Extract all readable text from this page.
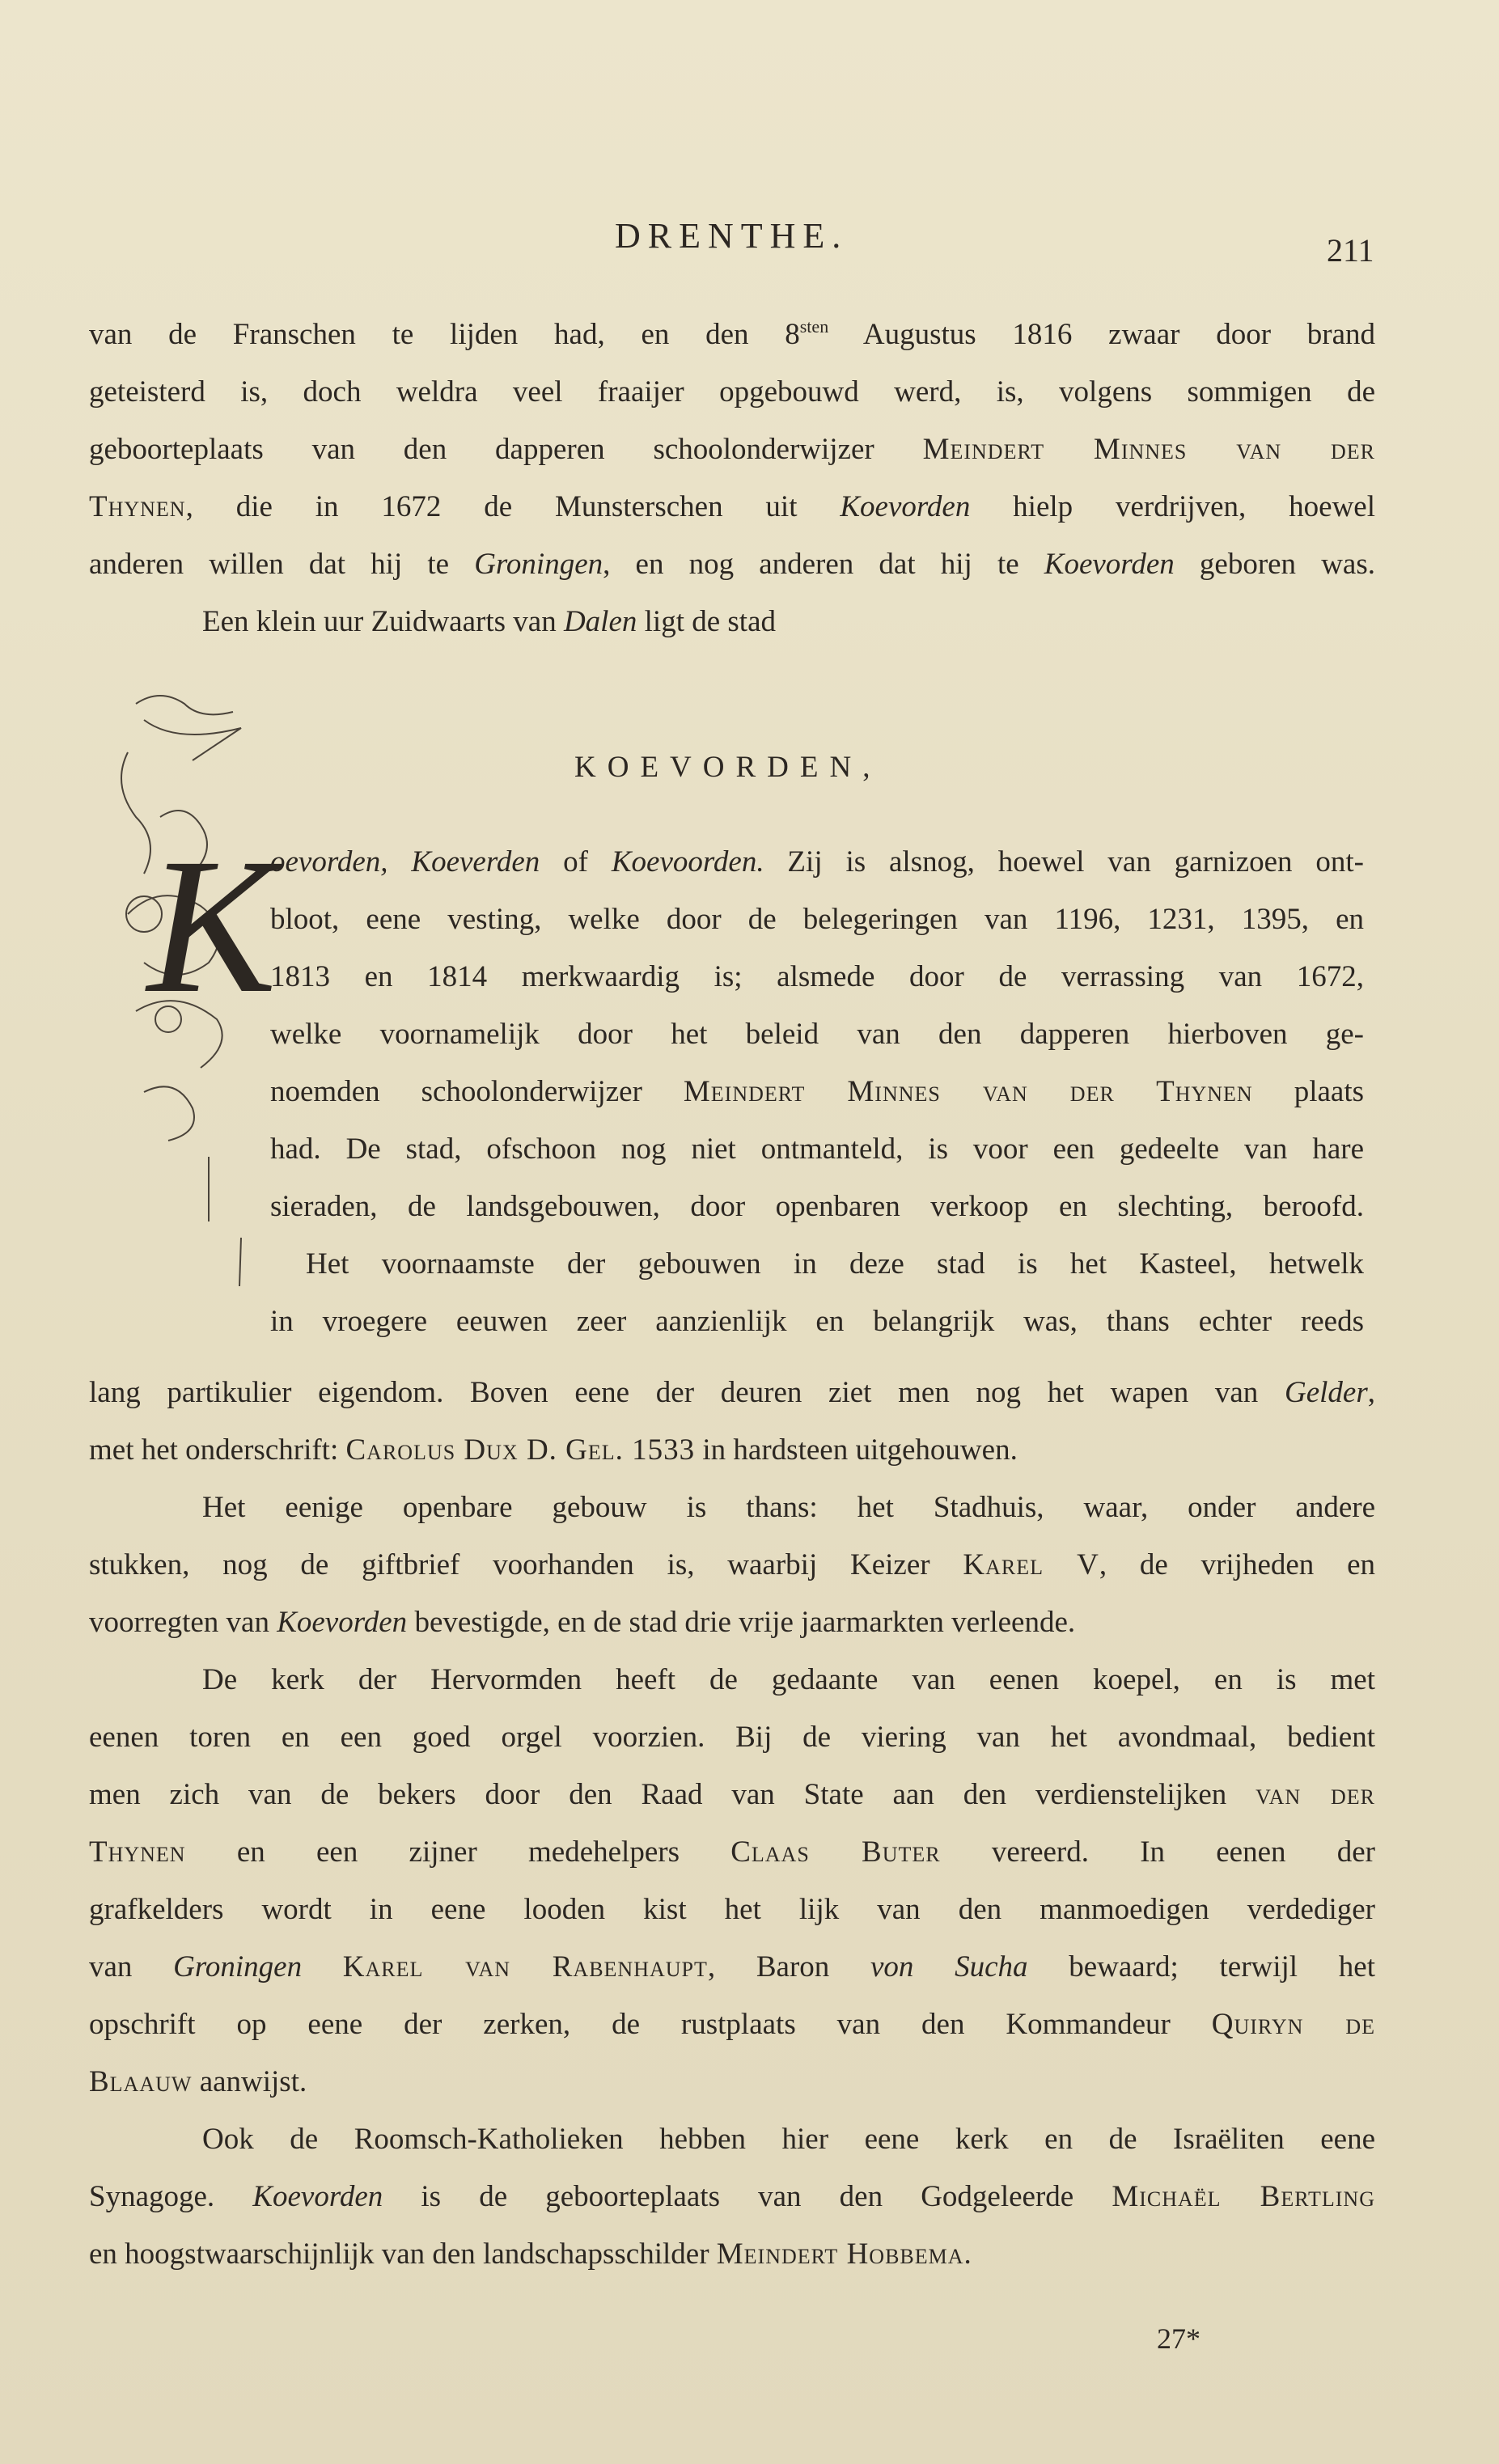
DRENTHE.	211
van de Franschen te lijden had, en den $8^{sten}$ Augustus 1816 zwaar door brand
geteisterd is, doch weldra veel fraaijer opgebouwd werd, is, volgens sommigen de
geboorteplaats van den dapperen schoolonderwijzer Meindert Minnes van der
Thynen, die in 1672 de Munsterschen uit Koevorden hielp verdrijven, hoewel
anderen willen dat hij te Groningen, en nog anderen dat hij te Koevorden geboren was.
Een klein uur Zuidwaarts van Dalen ligt de stad
KOEVORDEN,
K
oevorden, Koeverden of Koevoorden. Zij is alsnog, hoewel van garnizoen ont-
bloot, eene vesting, welke door de belegeringen van 1196, 1231, 1395, en
1813 en 1814 merkwaardig is; alsmede door de verrassing van 1672,
welke voornamelijk door het beleid van den dapperen hierboven ge-
noemden schoolonderwijzer Meindert Minnes van der Thynen plaats
had. De stad, ofschoon nog niet ontmanteld, is voor een gedeelte van hare
sieraden, de landsgebouwen, door openbaren verkoop en slechting, beroofd.
Het voornaamste der gebouwen in deze stad is het Kasteel, hetwelk
in vroegere eeuwen zeer aanzienlijk en belangrijk was, thans echter reeds
lang partikulier eigendom. Boven eene der deuren ziet men nog het wapen van Gelder,
met het onderschrift: Carolus Dux D. Gel. 1533 in hardsteen uitgehouwen.
Het eenige openbare gebouw is thans: het Stadhuis, waar, onder andere
stukken, nog de giftbrief voorhanden is, waarbij Keizer Karel V, de vrijheden en
voorregten van Koevorden bevestigde, en de stad drie vrije jaarmarkten verleende.
De kerk der Hervormden heeft de gedaante van eenen koepel, en is met
eenen toren en een goed orgel voorzien. Bij de viering van het avondmaal, bedient
men zich van de bekers door den Raad van State aan den verdienstelijken van der
Thynen en een zijner medehelpers Claas Buter vereerd. In eenen der
grafkelders wordt in eene looden kist het lijk van den manmoedigen verdediger
van Groningen Karel van Rabenhaupt, Baron von Sucha bewaard; terwijl het
opschrift op eene der zerken, de rustplaats van den Kommandeur Quiryn de
Blaauw aanwijst.
Ook de Roomsch-Katholieken hebben hier eene kerk en de Israëliten eene
Synagoge. Koevorden is de geboorteplaats van den Godgeleerde Michaël Bertling
en hoogstwaarschijnlijk van den landschapsschilder Meindert Hobbema.
27*
